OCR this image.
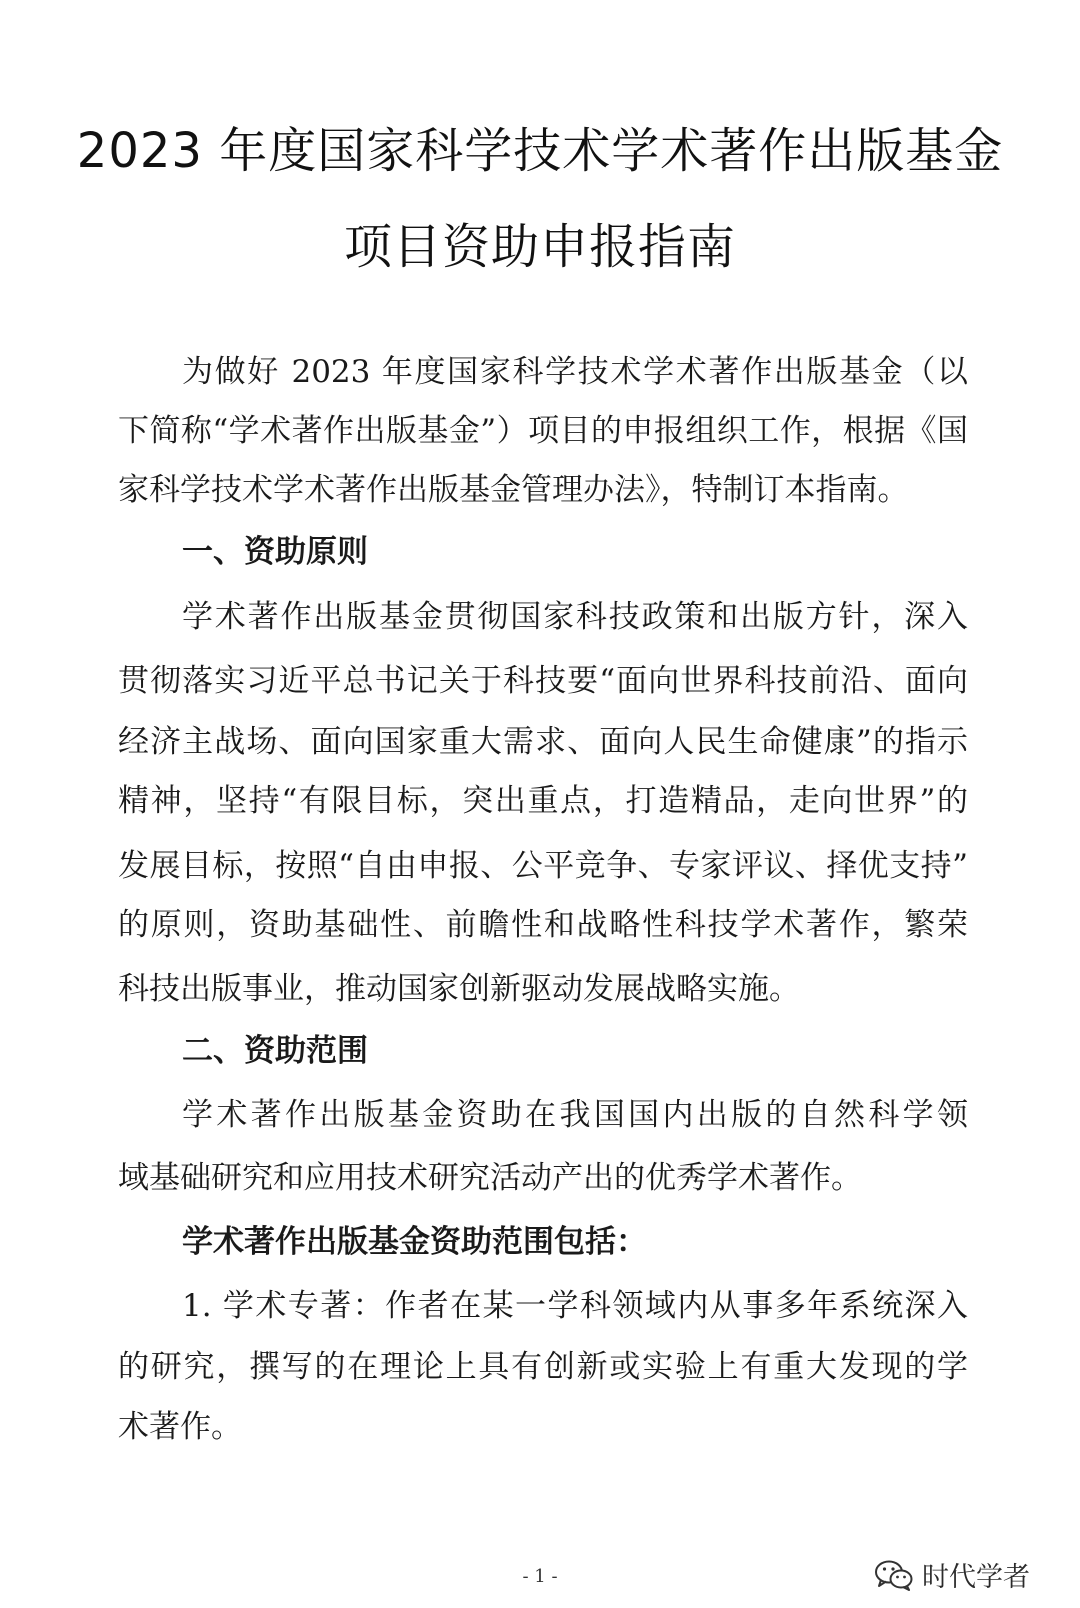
2023 年度国家科学技术学术著作出版基金
项目资助申报指南
为做好 2023 年度国家科学技术学术著作出版基金（以
下简称“学术著作出版基金”）项目的申报组织工作，根据《国
家科学技术学术著作出版基金管理办法》，特制订本指南。
一、资助原则
学术著作出版基金贯彻国家科技政策和出版方针，深入
贯彻落实习近平总书记关于科技要“面向世界科技前沿、面向
经济主战场、面向国家重大需求、面向人民生命健康”的指示
精神，坚持“有限目标，突出重点，打造精品，走向世界”的
发展目标，按照“自由申报、公平竞争、专家评议、择优支持”
的原则，资助基础性、前瞻性和战略性科技学术著作，繁荣
科技出版事业，推动国家创新驱动发展战略实施。
二、资助范围
学术著作出版基金资助在我国国内出版的自然科学领
域基础研究和应用技术研究活动产出的优秀学术著作。
学术著作出版基金资助范围包括：
1. 学术专著：作者在某一学科领域内从事多年系统深入
的研究，撰写的在理论上具有创新或实验上有重大发现的学
术著作。
- 1 -	时代学者
